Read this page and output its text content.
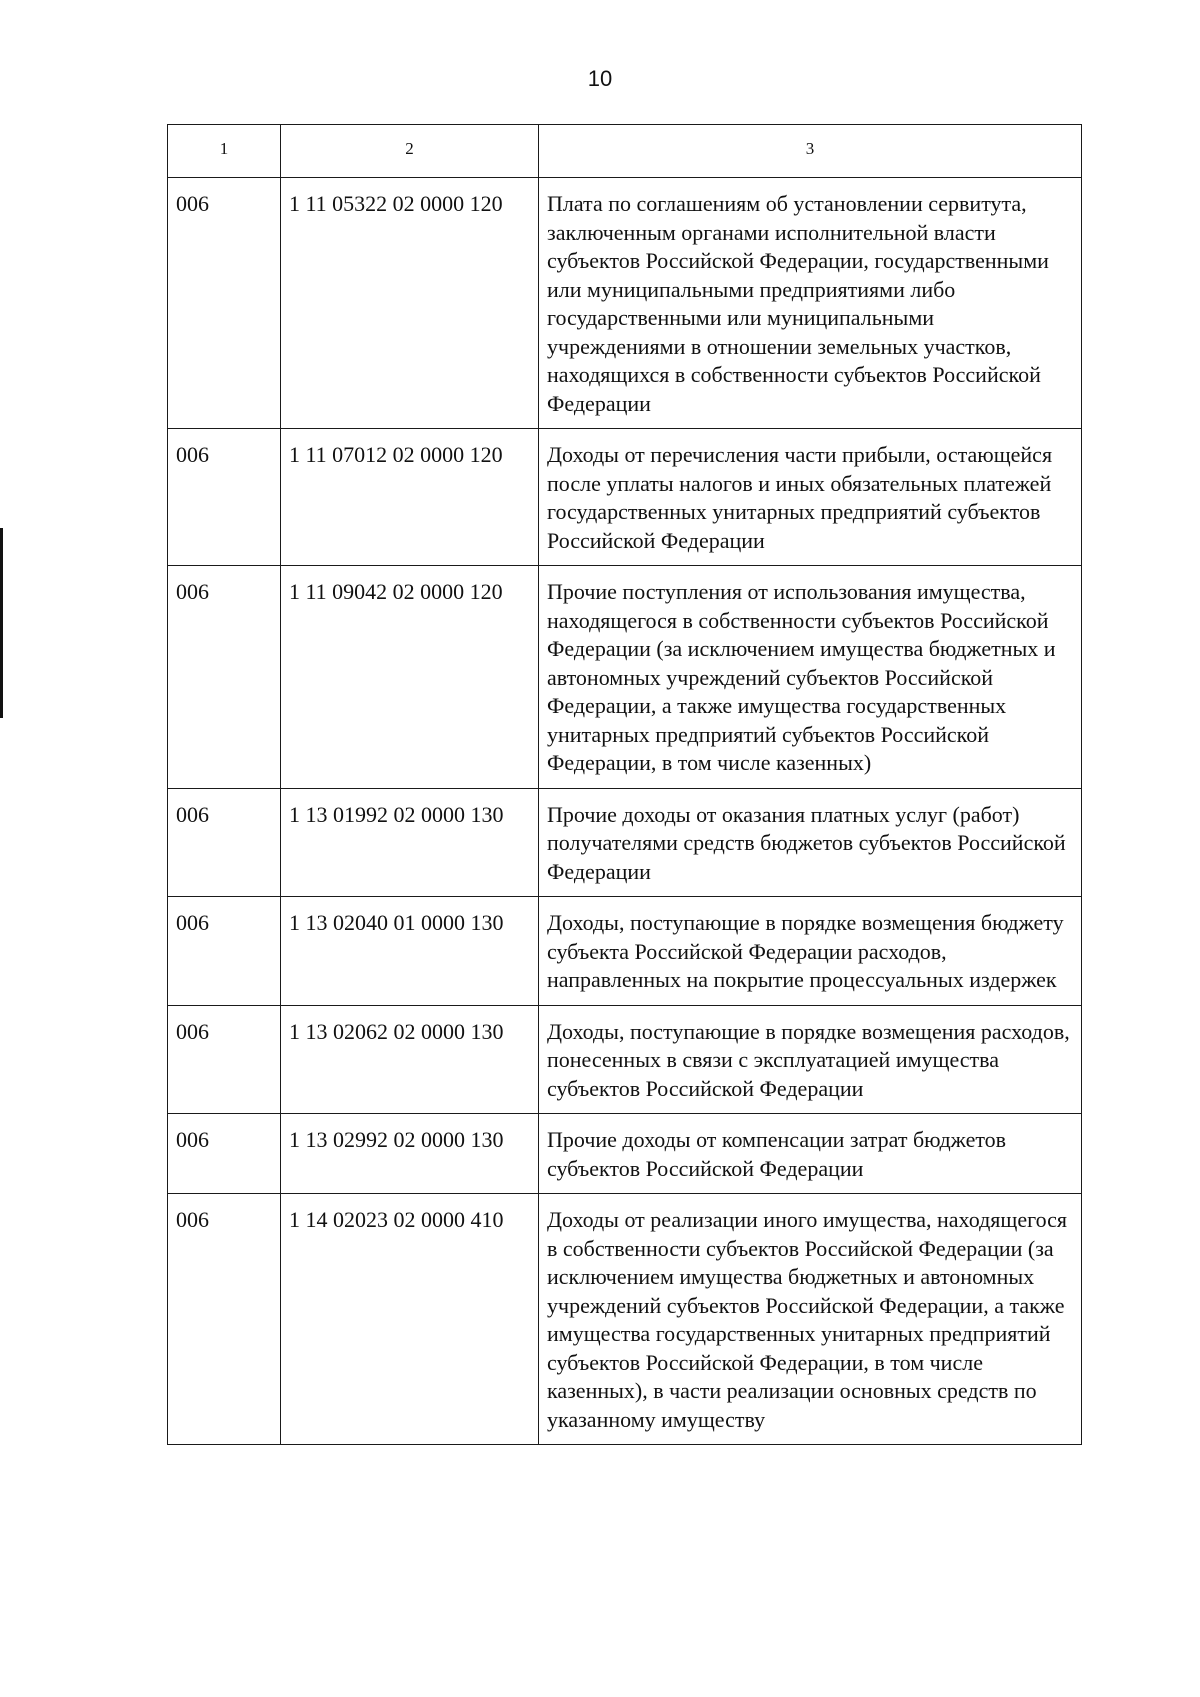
10
1	2	3
006	1 11 05322 02 0000 120	Плата по соглашениям об установлении сервитута, заключенным органами исполнительной власти субъектов Российской Федерации, государственными или муниципальными предприятиями либо государственными или муниципальными учреждениями в отношении земельных участков, находящихся в собственности субъектов Российской Федерации
006	1 11 07012 02 0000 120	Доходы от перечисления части прибыли, остающейся после уплаты налогов и иных обязательных платежей государственных унитарных предприятий субъектов Российской Федерации
006	1 11 09042 02 0000 120	Прочие поступления от использования имущества, находящегося в собственности субъектов Российской Федерации (за исключением имущества бюджетных и автономных учреждений субъектов Российской Федерации, а также имущества государственных унитарных предприятий субъектов Российской Федерации, в том числе казенных)
006	1 13 01992 02 0000 130	Прочие доходы от оказания платных услуг (работ) получателями средств бюджетов субъектов Российской Федерации
006	1 13 02040 01 0000 130	Доходы, поступающие в порядке возмещения бюджету субъекта Российской Федерации расходов, направленных на покрытие процессуальных издержек
006	1 13 02062 02 0000 130	Доходы, поступающие в порядке возмещения расходов, понесенных в связи с эксплуатацией имущества субъектов Российской Федерации
006	1 13 02992 02 0000 130	Прочие доходы от компенсации затрат бюджетов субъектов Российской Федерации
006	1 14 02023 02 0000 410	Доходы от реализации иного имущества, находящегося в собственности субъектов Российской Федерации (за исключением имущества бюджетных и автономных учреждений субъектов Российской Федерации, а также имущества государственных унитарных предприятий субъектов Российской Федерации, в том числе казенных), в части реализации основных средств по указанному имуществу
